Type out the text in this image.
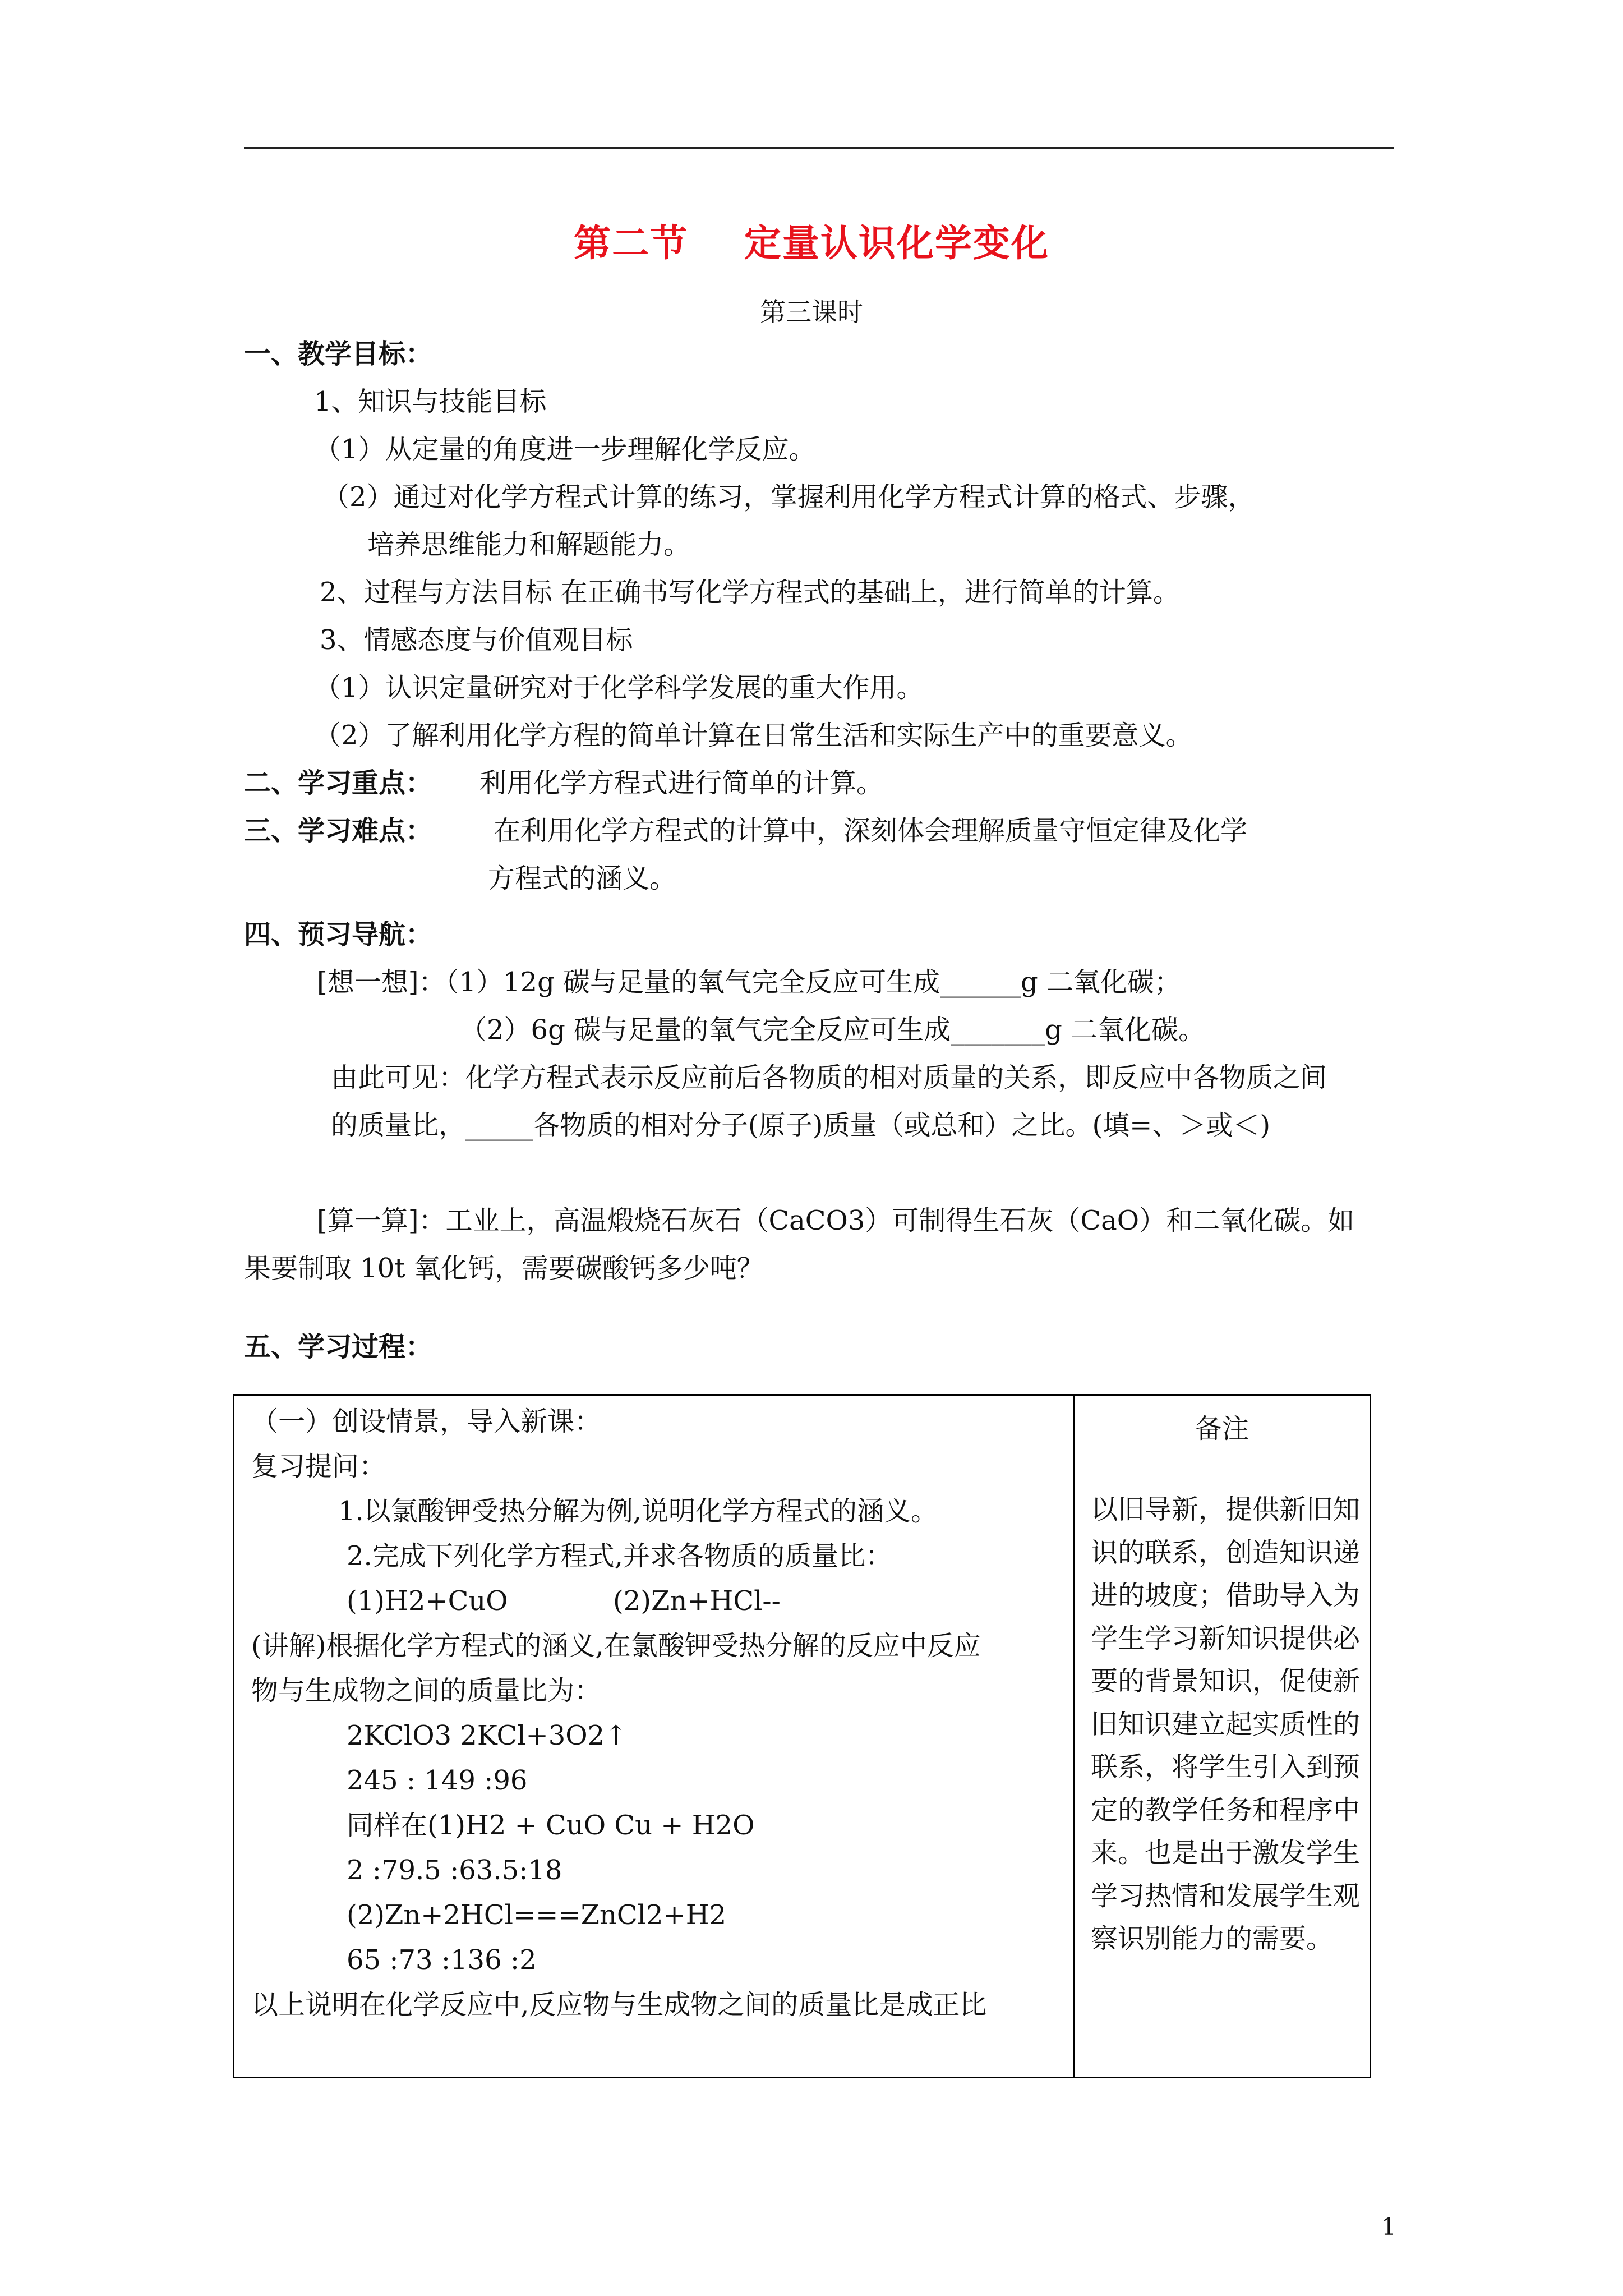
第二节    定量认识化学变化
第三课时
一、教学目标：
1、知识与技能目标
（1）从定量的角度进一步理解化学反应。
（2）通过对化学方程式计算的练习，掌握利用化学方程式计算的格式、步骤，
培养思维能力和解题能力。
2、过程与方法目标 在正确书写化学方程式的基础上，进行简单的计算。
3、情感态度与价值观目标
（1）认识定量研究对于化学科学发展的重大作用。
（2）了解利用化学方程的简单计算在日常生活和实际生产中的重要意义。
二、学习重点： 利用化学方程式进行简单的计算。
三、学习难点： 在利用化学方程式的计算中，深刻体会理解质量守恒定律及化学
方程式的涵义。
四、预习导航：
[想一想]：（1）12g 碳与足量的氧气完全反应可生成______g 二氧化碳；
（2）6g 碳与足量的氧气完全反应可生成_______g 二氧化碳。
由此可见：化学方程式表示反应前后各物质的相对质量的关系，即反应中各物质之间
的质量比，_____各物质的相对分子(原子)质量（或总和）之比。(填=、＞或＜)
[算一算]：工业上，高温煅烧石灰石（CaCO3）可制得生石灰（CaO）和二氧化碳。如
果要制取 10t 氧化钙，需要碳酸钙多少吨？
五、学习过程：
（一）创设情景，导入新课：
复习提问：
1.以氯酸钾受热分解为例,说明化学方程式的涵义。
2.完成下列化学方程式,并求各物质的质量比：
(1)H2+CuO	(2)Zn+HCl--
(讲解)根据化学方程式的涵义,在氯酸钾受热分解的反应中反应
物与生成物之间的质量比为：
2KClO3 2KCl+3O2↑
245 : 149 :96
同样在(1)H2 + CuO Cu + H2O
2 :79.5 :63.5:18
(2)Zn+2HCl===ZnCl2+H2
65 :73 :136 :2
以上说明在化学反应中,反应物与生成物之间的质量比是成正比
备注
以旧导新，提供新旧知识的联系，创造知识递进的坡度；借助导入为学生学习新知识提供必要的背景知识，促使新旧知识建立起实质性的联系，将学生引入到预定的教学任务和程序中来。也是出于激发学生学习热情和发展学生观察识别能力的需要。
1
